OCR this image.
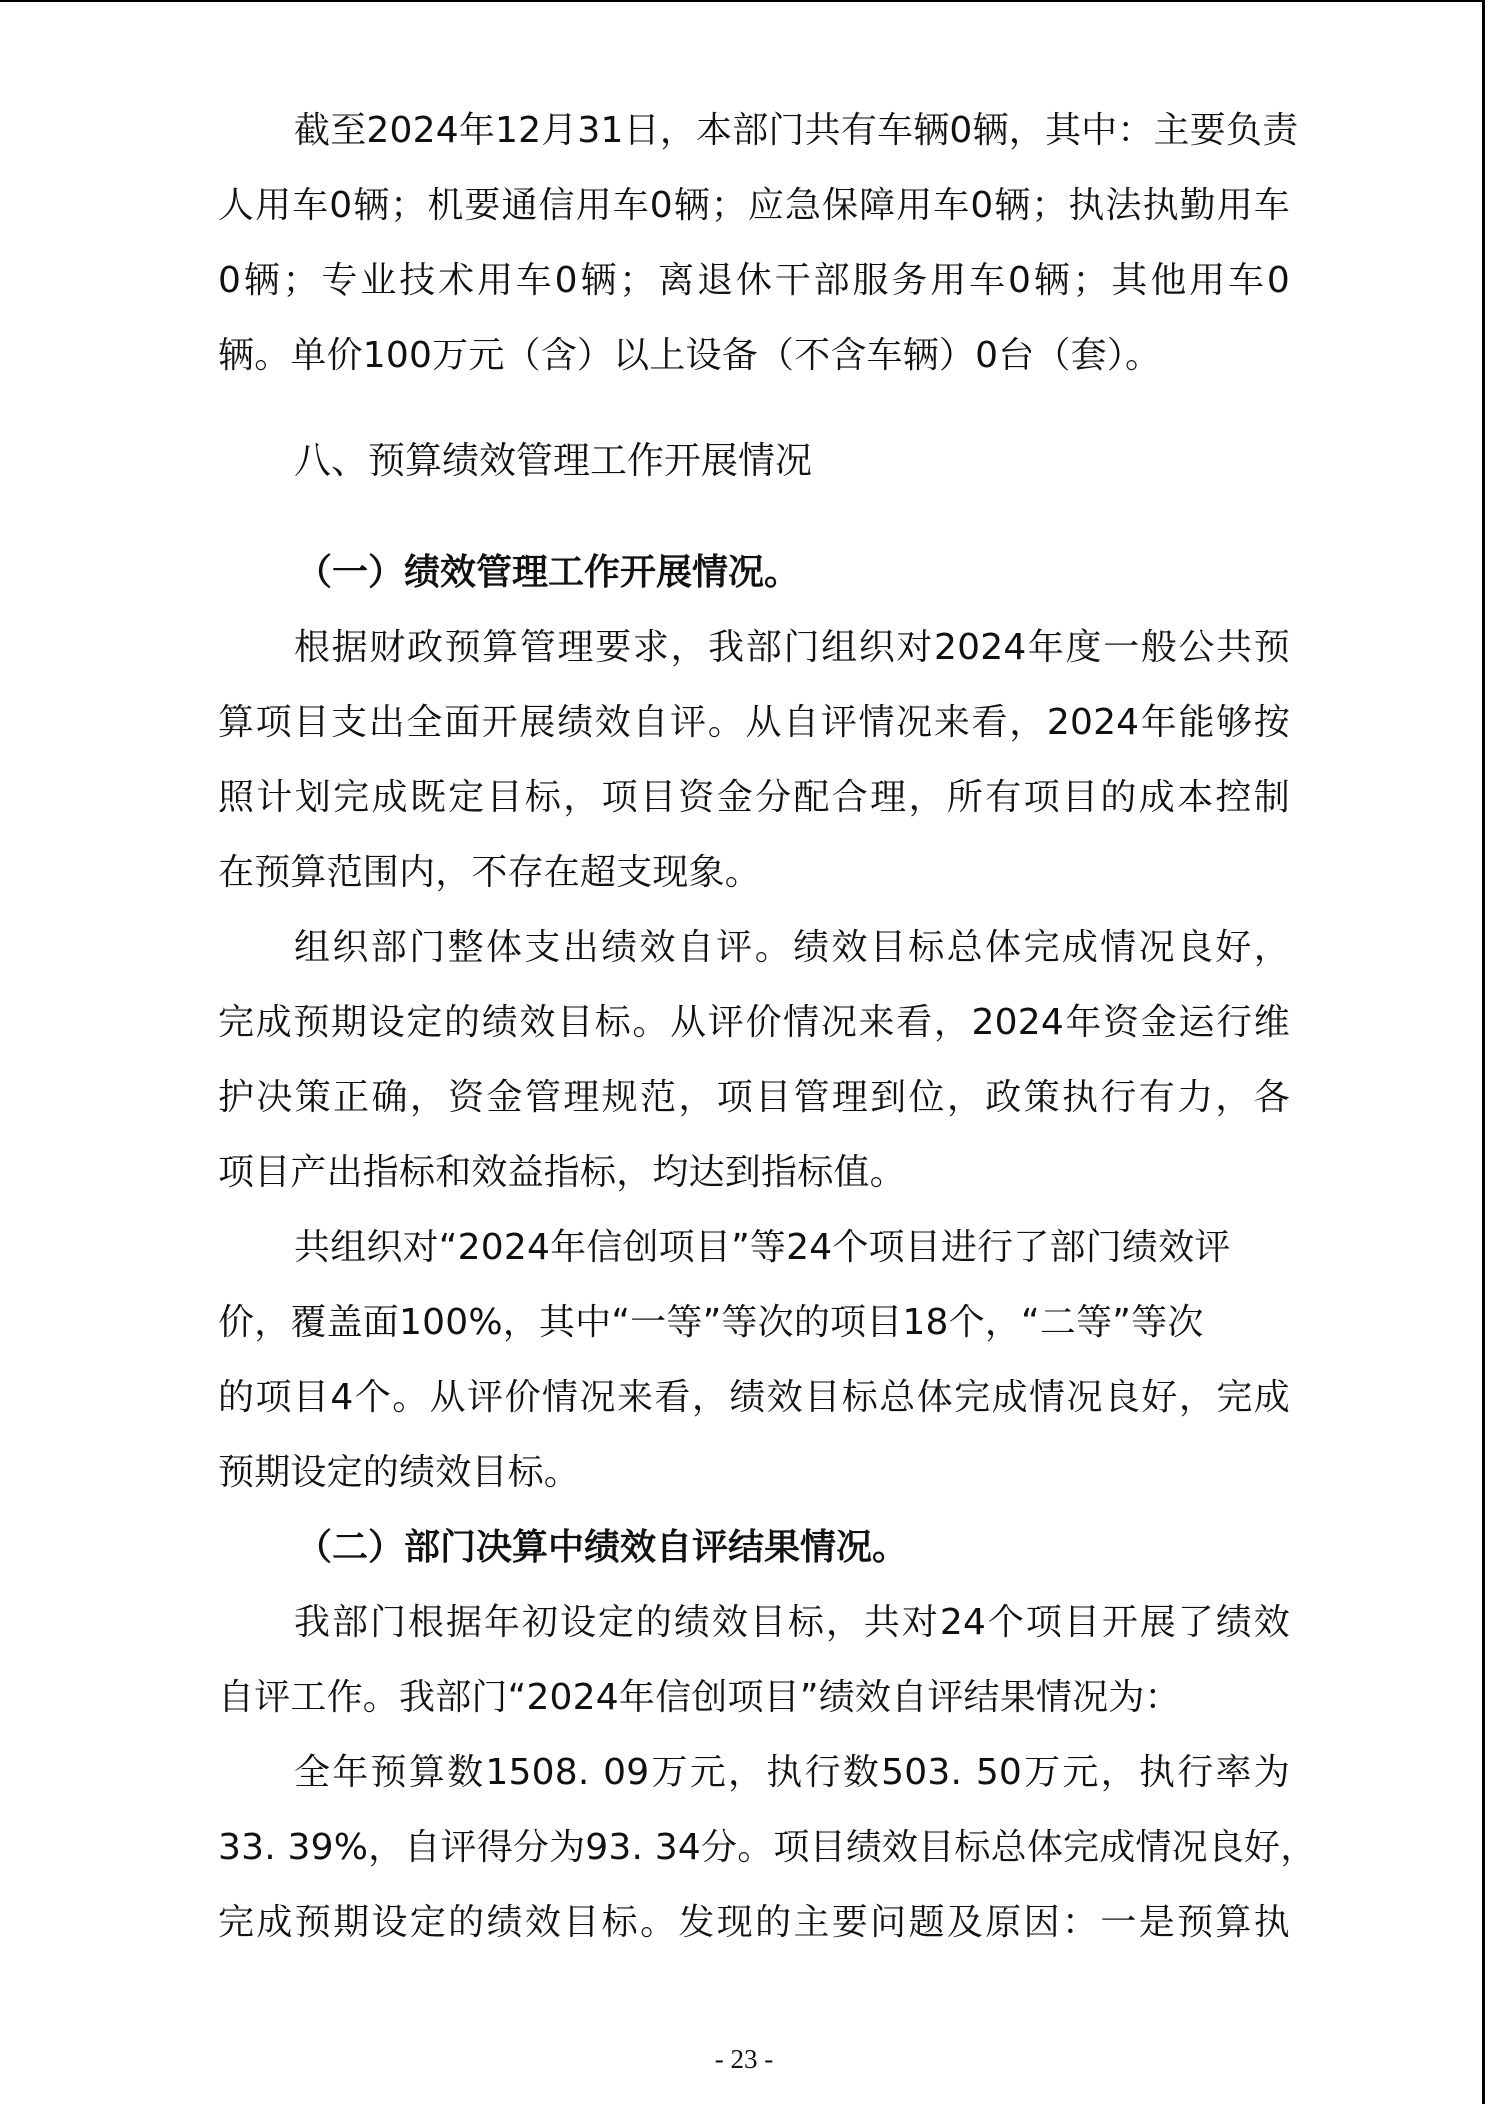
截至2024年12月31日，本部门共有车辆0辆，其中：主要负责
人用车0辆；机要通信用车0辆；应急保障用车0辆；执法执勤用车
0辆；专业技术用车0辆；离退休干部服务用车0辆；其他用车0
辆。单价100万元（含）以上设备（不含车辆）0台（套）。
八、预算绩效管理工作开展情况
（一）绩效管理工作开展情况。
根据财政预算管理要求，我部门组织对2024年度一般公共预
算项目支出全面开展绩效自评。从自评情况来看，2024年能够按
照计划完成既定目标，项目资金分配合理，所有项目的成本控制
在预算范围内，不存在超支现象。
组织部门整体支出绩效自评。绩效目标总体完成情况良好，
完成预期设定的绩效目标。从评价情况来看，2024年资金运行维
护决策正确，资金管理规范，项目管理到位，政策执行有力，各
项目产出指标和效益指标，均达到指标值。
共组织对“2024年信创项目”等24个项目进行了部门绩效评
价，覆盖面100%，其中“一等”等次的项目18个，“二等”等次
的项目4个。从评价情况来看，绩效目标总体完成情况良好，完成
预期设定的绩效目标。
（二）部门决算中绩效自评结果情况。
我部门根据年初设定的绩效目标，共对24个项目开展了绩效
自评工作。我部门“2024年信创项目”绩效自评结果情况为：
全年预算数1508. 09万元，执行数503. 50万元，执行率为
33. 39%，自评得分为93. 34分。项目绩效目标总体完成情况良好，
完成预期设定的绩效目标。发现的主要问题及原因：一是预算执
- 23 -
